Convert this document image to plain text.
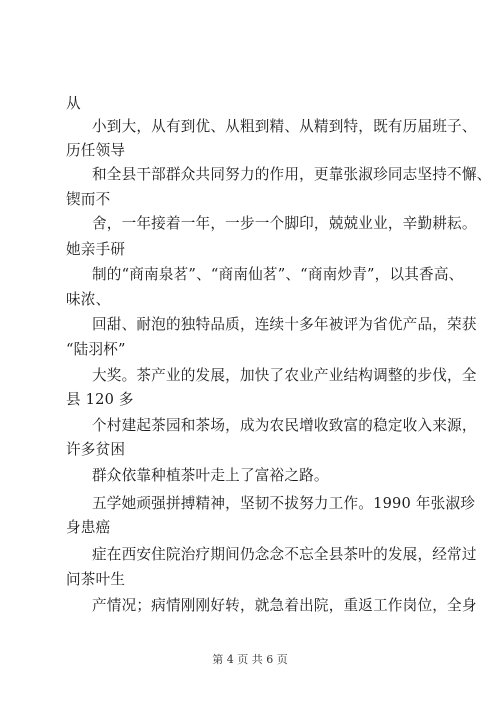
从
小到大，从有到优、从粗到精、从精到特，既有历届班子、
历任领导
和全县干部群众共同努力的作用，更靠张淑珍同志坚持不懈、
锲而不
舍，一年接着一年，一步一个脚印，兢兢业业，辛勤耕耘。
她亲手研
制的“商南泉茗”、“商南仙茗”、“商南炒青”，以其香高、
味浓、
回甜、耐泡的独特品质，连续十多年被评为省优产品，荣获
“陆羽杯”
大奖。茶产业的发展，加快了农业产业结构调整的步伐，全
县 120 多
个村建起茶园和茶场，成为农民增收致富的稳定收入来源，
许多贫困
群众依靠种植茶叶走上了富裕之路。
五学她顽强拼搏精神，坚韧不拔努力工作。1990 年张淑珍
身患癌
症在西安住院治疗期间仍念念不忘全县茶叶的发展，经常过
问茶叶生
产情况；病情刚刚好转，就急着出院，重返工作岗位，全身
第 4 页 共 6 页
